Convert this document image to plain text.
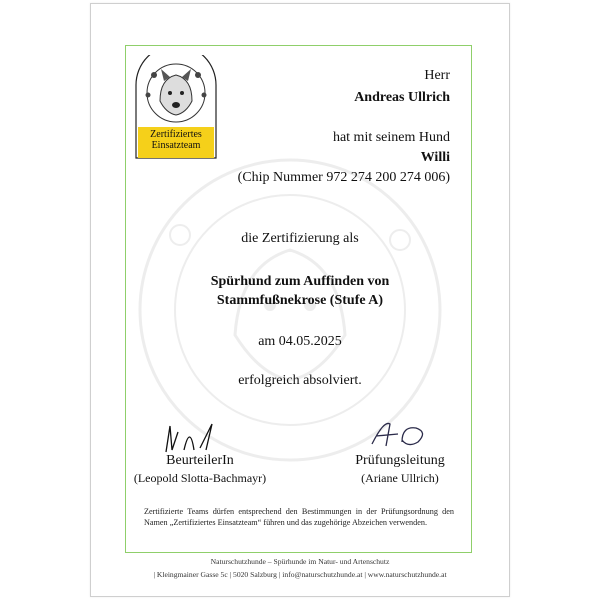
Zertifiziertes
Einsatzteam
Herr
Andreas Ullrich
hat mit seinem Hund
Willi
(Chip Nummer 972 274 200 274 006)
die Zertifizierung als
Spürhund zum Auffinden von
Stammfußnekrose (Stufe A)
am 04.05.2025
erfolgreich absolviert.
BeurteilerIn
(Leopold Slotta-Bachmayr)
Prüfungsleitung
(Ariane Ullrich)
Zertifizierte Teams dürfen entsprechend den Bestimmungen in der Prüfungsordnung den Namen „Zertifiziertes Einsatzteam“ führen und das zugehörige Abzeichen verwenden.
Naturschutzhunde – Spürhunde im Natur- und Artenschutz
| Kleingmainer Gasse 5c | 5020 Salzburg | info@naturschutzhunde.at | www.naturschutzhunde.at
